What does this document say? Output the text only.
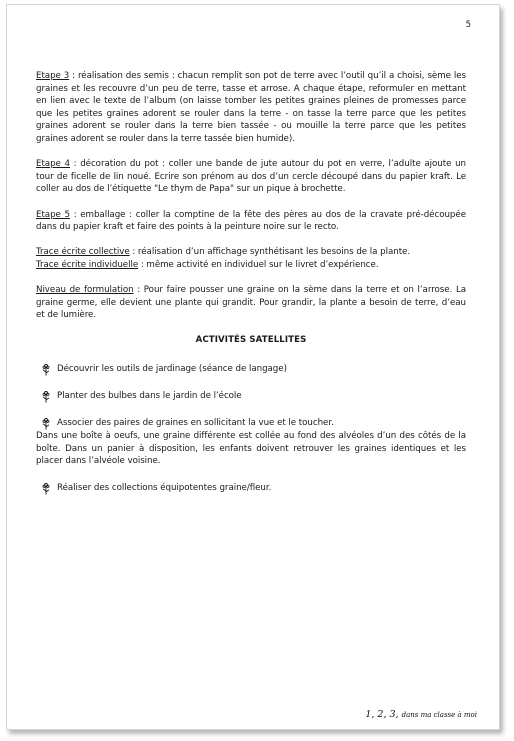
5

Etape 3 : réalisation des semis : chacun remplit son pot de terre avec l’outil qu’il a choisi, sème les graines et les recouvre d’un peu de terre, tasse et arrose. A chaque étape, reformuler en mettant en lien avec le texte de l’album (on laisse tomber les petites graines pleines de promesses parce que les petites graines adorent se rouler dans la terre - on tasse la terre parce que les petites graines adorent se rouler dans la terre bien tassée - ou mouille la terre parce que les petites graines adorent se rouler dans la terre tassée bien humide).

Etape 4 : décoration du pot : coller une bande de jute autour du pot en verre, l’adulte ajoute un tour de ficelle de lin noué. Ecrire son prénom au dos d’un cercle découpé dans du papier kraft. Le coller au dos de l’étiquette "Le thym de Papa" sur un pique à brochette.

Etape 5 : emballage : coller la comptine de la fête des pères au dos de la cravate pré-découpée dans du papier kraft et faire des points à la peinture noire sur le recto.

Trace écrite collective : réalisation d’un affichage synthétisant les besoins de la plante.

Trace écrite individuelle : même activité en individuel sur le livret d’expérience.

Niveau de formulation : Pour faire pousser une graine on la sème dans la terre et on l’arrose. La graine germe, elle devient une plante qui grandit. Pour grandir, la plante a besoin de terre, d’eau et de lumière.

ACTIVITÉS SATELLITES
Découvrir les outils de jardinage (séance de langage)
Planter des bulbes dans le jardin de l’école
Associer des paires de graines en sollicitant la vue et le toucher.

Dans une boîte à oeufs, une graine différente est collée au fond des alvéoles d’un des côtés de la boîte. Dans un panier à disposition, les enfants doivent retrouver les graines identiques et les placer dans l’alvéole voisine.

Réaliser des collections équipotentes graine/fleur.
1, 2, 3, dans ma classe à moi
